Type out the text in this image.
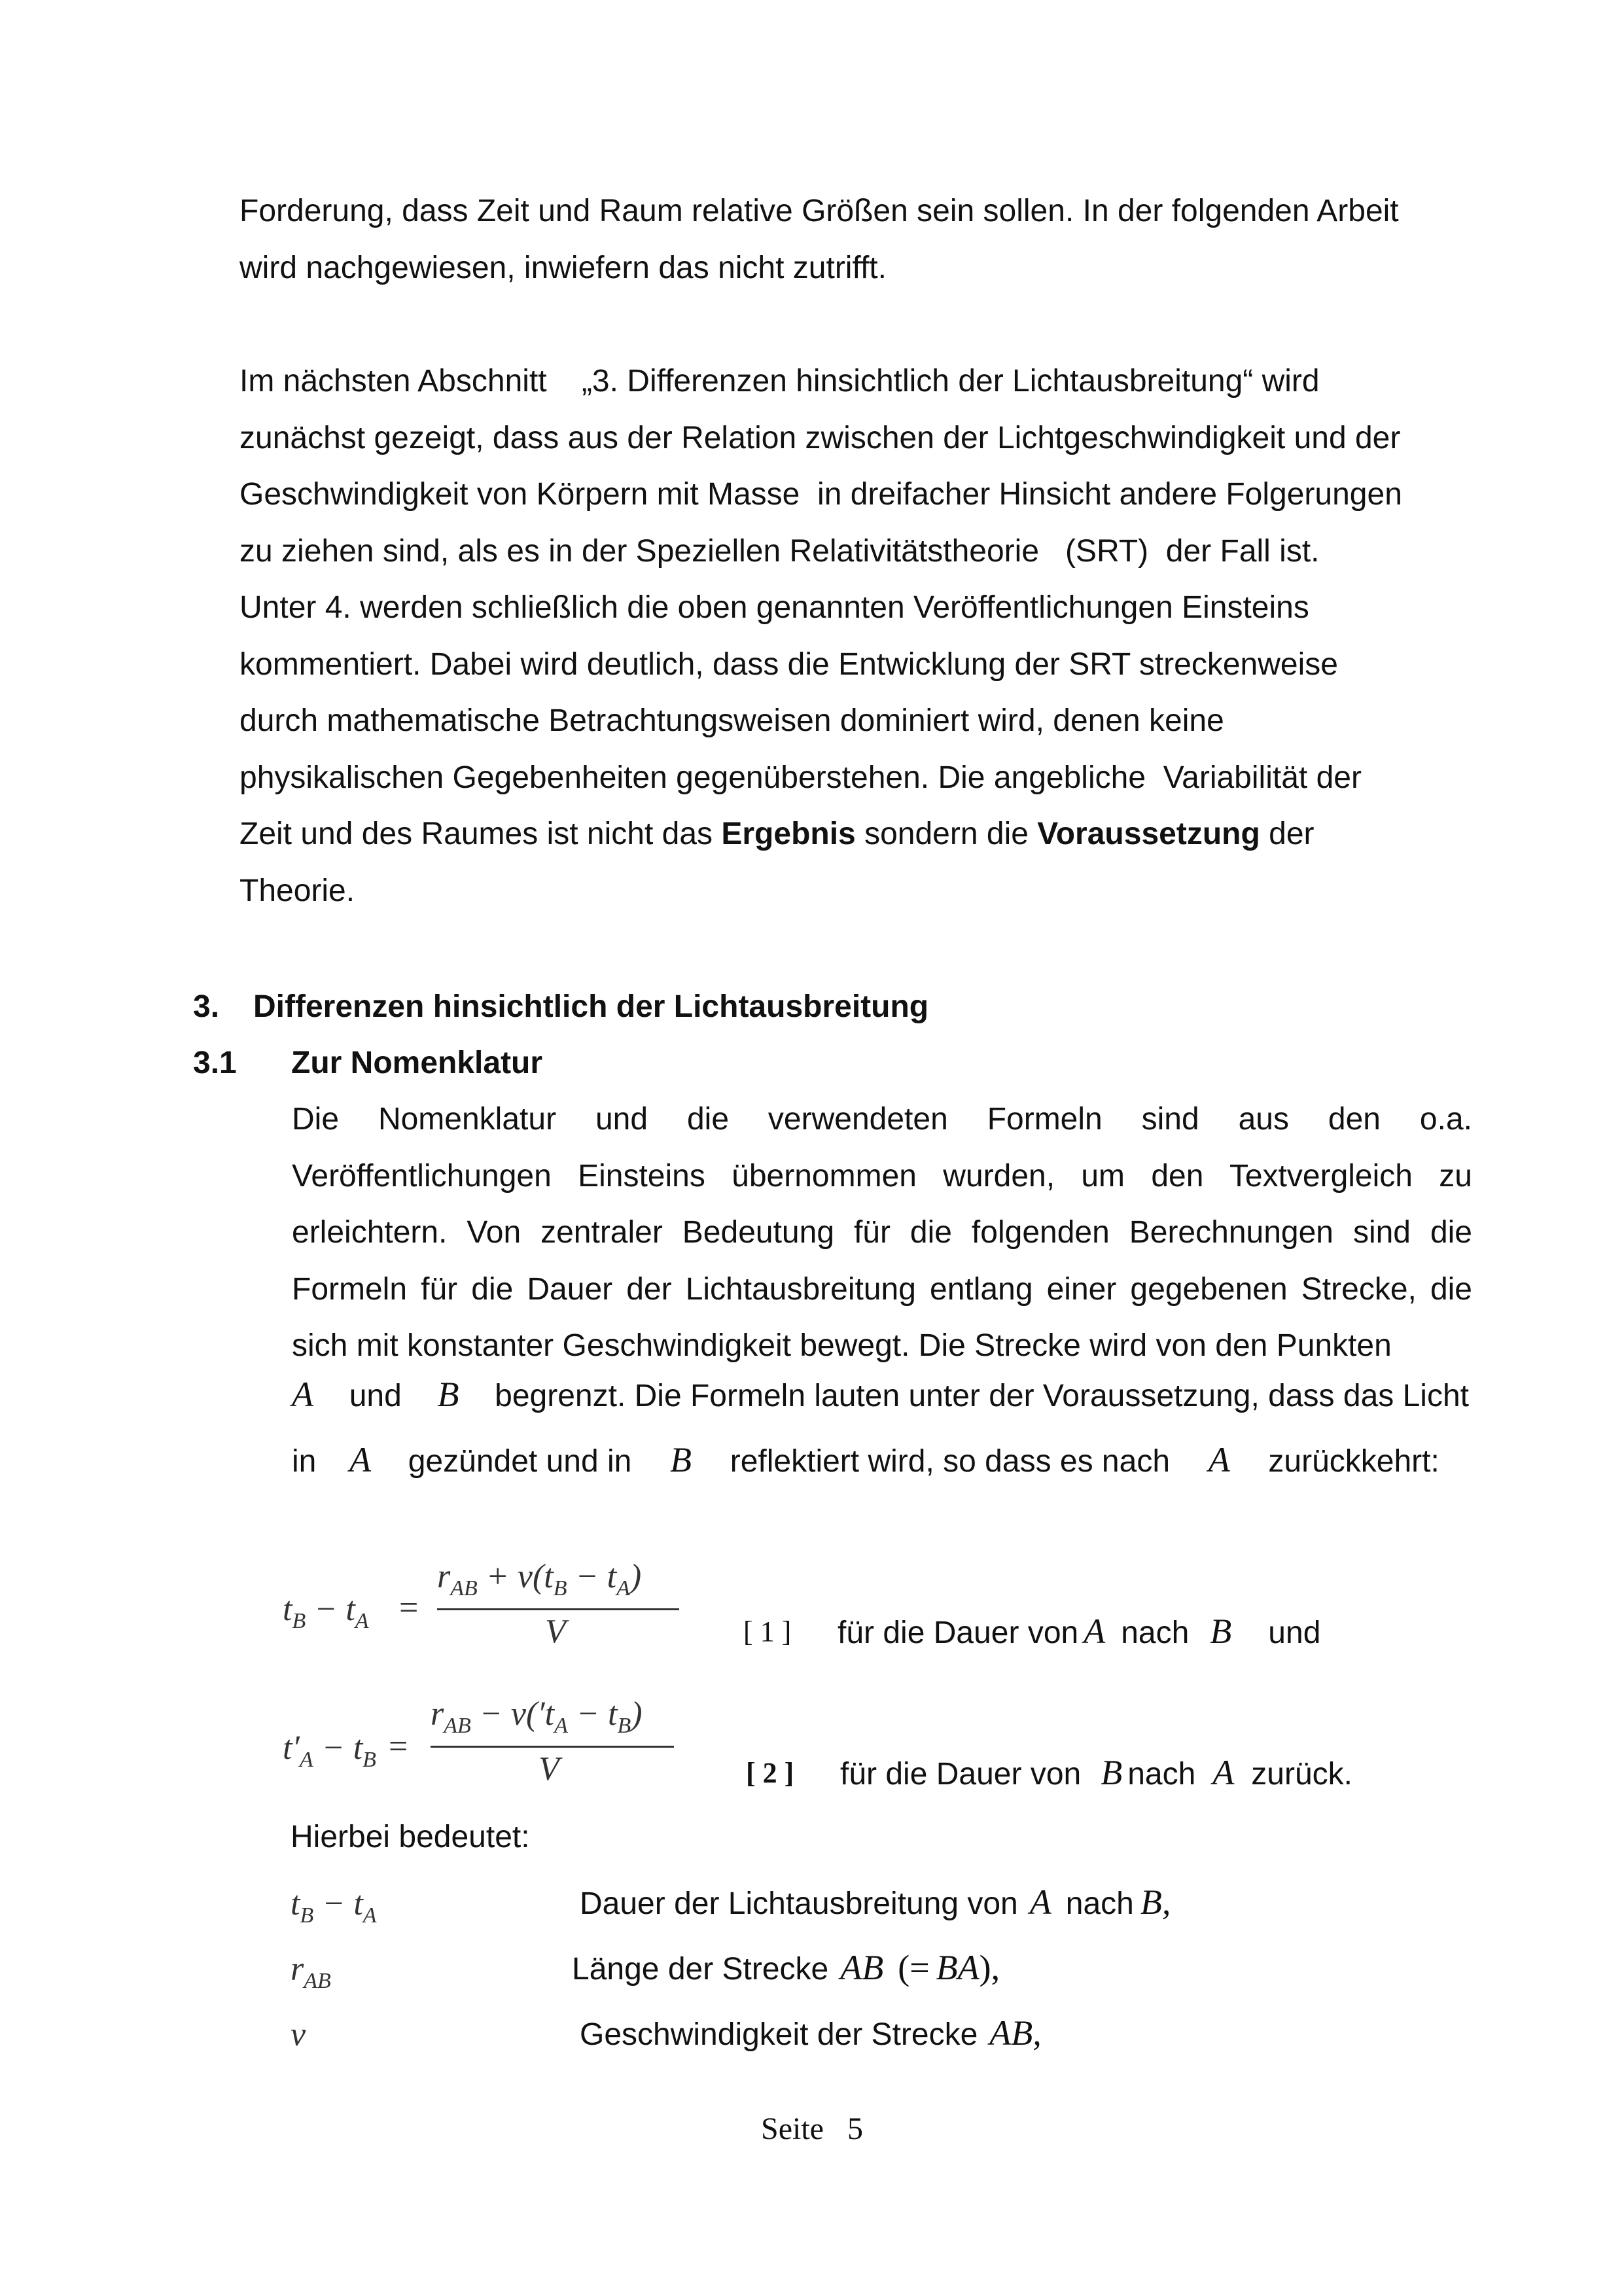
Forderung, dass Zeit und Raum relative Größen sein sollen. In der folgenden Arbeit
wird nachgewiesen, inwiefern das nicht zutrifft.
Im nächsten Abschnitt    „3. Differenzen hinsichtlich der Lichtausbreitung“ wird
zunächst gezeigt, dass aus der Relation zwischen der Lichtgeschwindigkeit und der
Geschwindigkeit von Körpern mit Masse  in dreifacher Hinsicht andere Folgerungen
zu ziehen sind, als es in der Speziellen Relativitätstheorie   (SRT)  der Fall ist.
Unter 4. werden schließlich die oben genannten Veröffentlichungen Einsteins
kommentiert. Dabei wird deutlich, dass die Entwicklung der SRT streckenweise
durch mathematische Betrachtungsweisen dominiert wird, denen keine
physikalischen Gegebenheiten gegenüberstehen. Die angebliche  Variabilität der
Zeit und des Raumes ist nicht das Ergebnis sondern die Voraussetzung der
Theorie.
3. Differenzen hinsichtlich der Lichtausbreitung
3.1 Zur Nomenklatur
Die Nomenklatur und die verwendeten Formeln sind aus den o.a.
Veröffentlichungen Einsteins übernommen wurden, um den Textvergleich zu
erleichtern. Von zentraler Bedeutung für die folgenden Berechnungen sind die
Formeln für die Dauer der Lichtausbreitung entlang einer gegebenen Strecke, die
sich mit konstanter Geschwindigkeit bewegt. Die Strecke wird von den Punkten
A und B begrenzt. Die Formeln lauten unter der Voraussetzung, dass das Licht
in A gezündet und in B reflektiert wird, so dass es nach A zurückkehrt:
$t_B - t_A$ =
$r_{AB} + v(t_B - t_A)$
V	[ 1 ] für die Dauer von A nach B und
$t'_A - t_B$ =
$r_{AB} - v('t_A - t_B)$
V	[ 2 ] für die Dauer von B nach A zurück.
Hierbei bedeutet:
$t_B - t_A$	Dauer der Lichtausbreitung von A nach B,
$r_{AB}$	Länge der Strecke AB (= BA),
v	Geschwindigkeit der Strecke AB,
Seite   5
